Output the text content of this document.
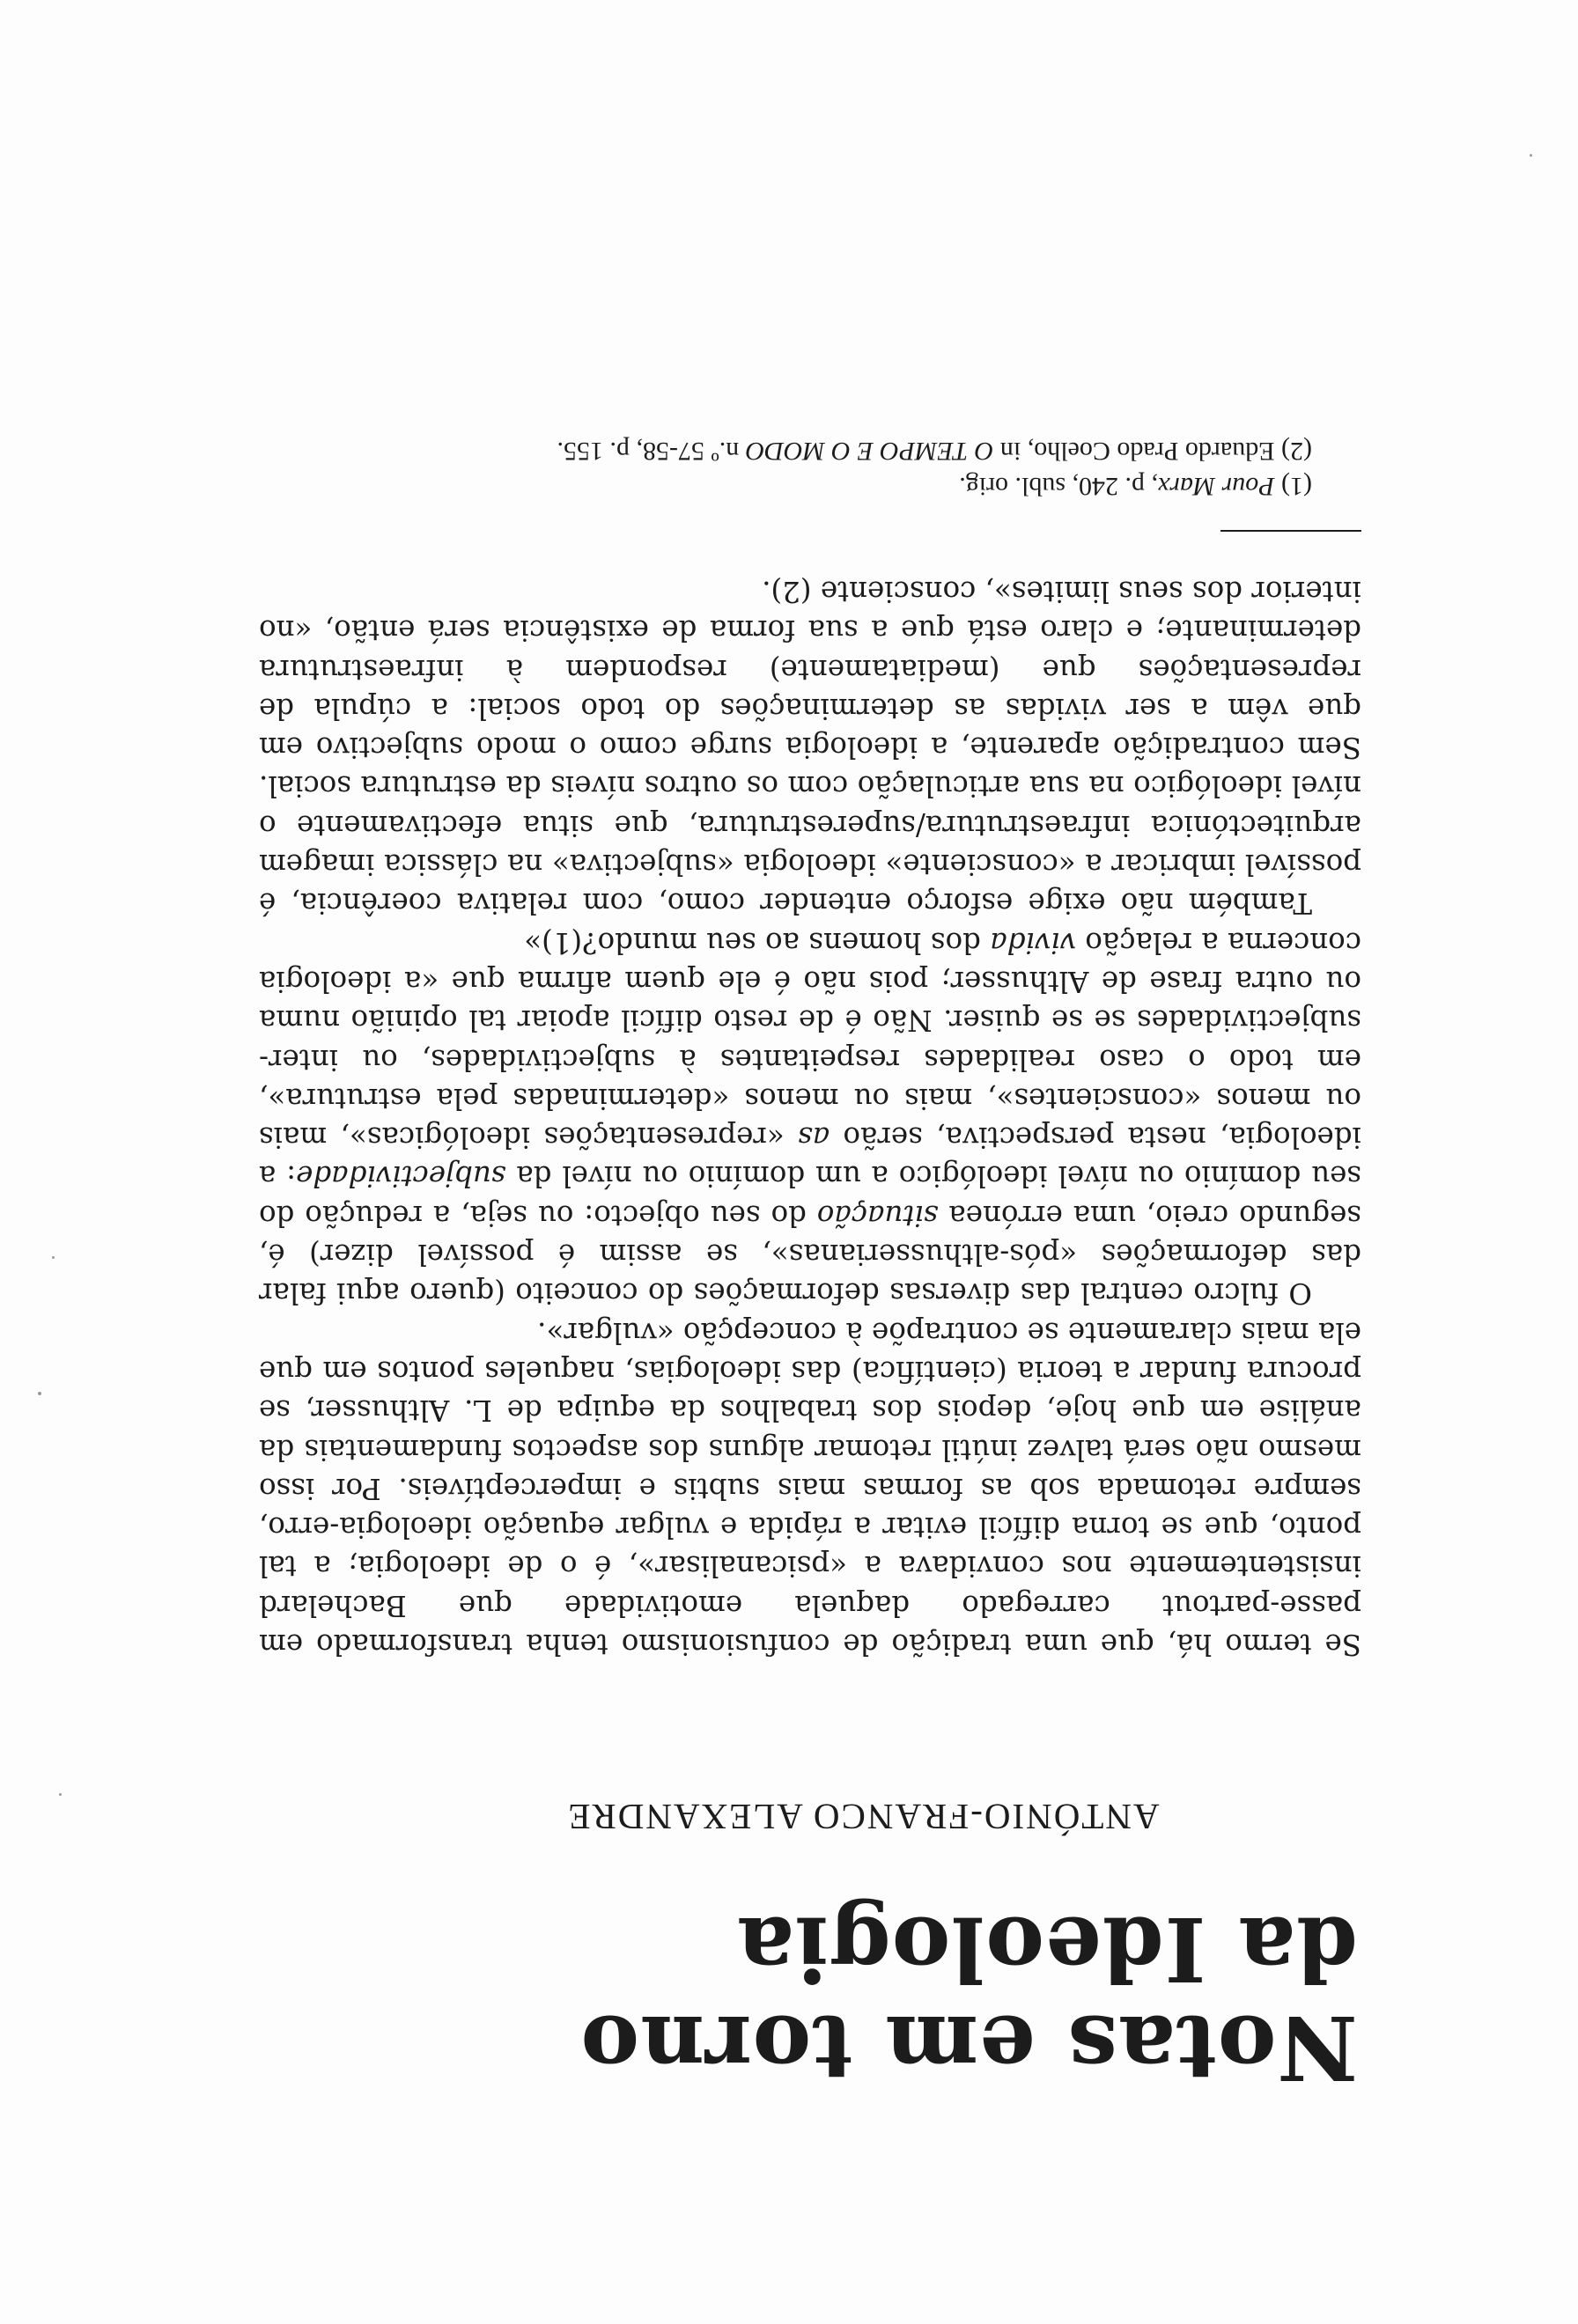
Notas em torno
da Ideologia
ANTÓNIO-FRANCO ALEXANDRE

Se termo há, que uma tradição de confusionismo tenha transformado em passe-partout carregado daquela emotividade que Bachelard insistentemente nos convidava a «psicanalisar», é o de ideologia; a tal ponto, que se torna difícil evitar a rápida e vulgar equação ideologia-erro, sempre retomada sob as formas mais subtis e imperceptíveis. Por isso mesmo não será talvez inútil retomar alguns dos aspectos fundamentais da análise em que hoje, depois dos trabalhos da equipa de L. Althusser, se procura fundar a teoria (científica) das ideologias, naqueles pontos em que ela mais claramente se contrapõe à concepção «vulgar».

O fulcro central das diversas deformações do conceito (quero aqui falar das deformações «pós-althusserianas», se assim é possível dizer) é, segundo creio, uma errónea situação do seu objecto: ou seja, a redução do seu domínio ou nível ideológico a um domínio ou nível da subjectividade: a ideologia, nesta perspectiva, serão as «representações ideológicas», mais ou menos «conscientes», mais ou menos «determinadas pela estrutura», em todo o caso realidades respeitantes à subjectividades, ou inter-subjectividades se se quiser. Não é de resto difícil apoiar tal opinião numa ou outra frase de Althusser; pois não é ele quem afirma que «a ideologia concerna a relação vivida dos homens ao seu mundo?(1)»

Também não exige esforço entender como, com relativa coerência, é possível imbricar a «consciente» ideologia «subjectiva» na clássica imagem arquitectónica infraestrutura/superestrutura, que situa efectivamente o nível ideológico na sua articulação com os outros níveis da estrutura social. Sem contradição aparente, a ideologia surge como o modo subjectivo em que vêm a ser vividas as determinações do todo social: a cúpula de representações que (mediatamente) respondem à infraestrutura determinante; e claro está que a sua forma de existência será então, «no interior dos seus limites», consciente (2).

(1) Pour Marx, p. 240, subl. orig.

(2) Eduardo Prado Coelho, in O TEMPO E O MODO n.º 57-58, p. 155.
